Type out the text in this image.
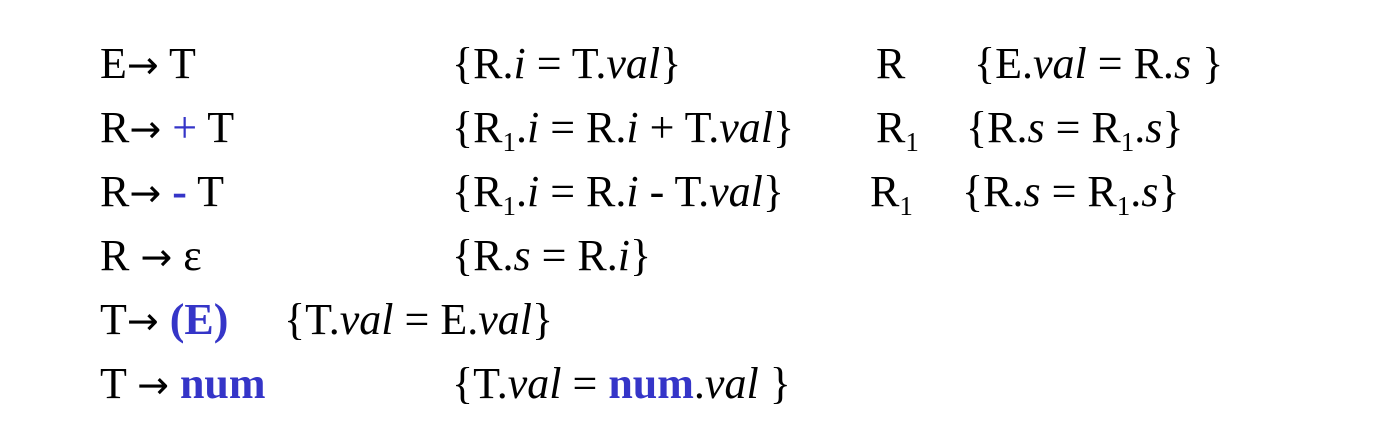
E→ T	{R.i = T.val}	R {E.val = R.s }
R→ + T	$\{R_1.i = R.i + T.val\}$ $R_1$ $\{R.s = R_1.s\}$
R→ - T	$\{R_1.i = R.i - T.val\}$ $R_1$ $\{R.s = R_1.s\}$
R → ε	{R.s = R.i}
T→ (E) {T.val = E.val}
T → num	{T.val = num.val }
